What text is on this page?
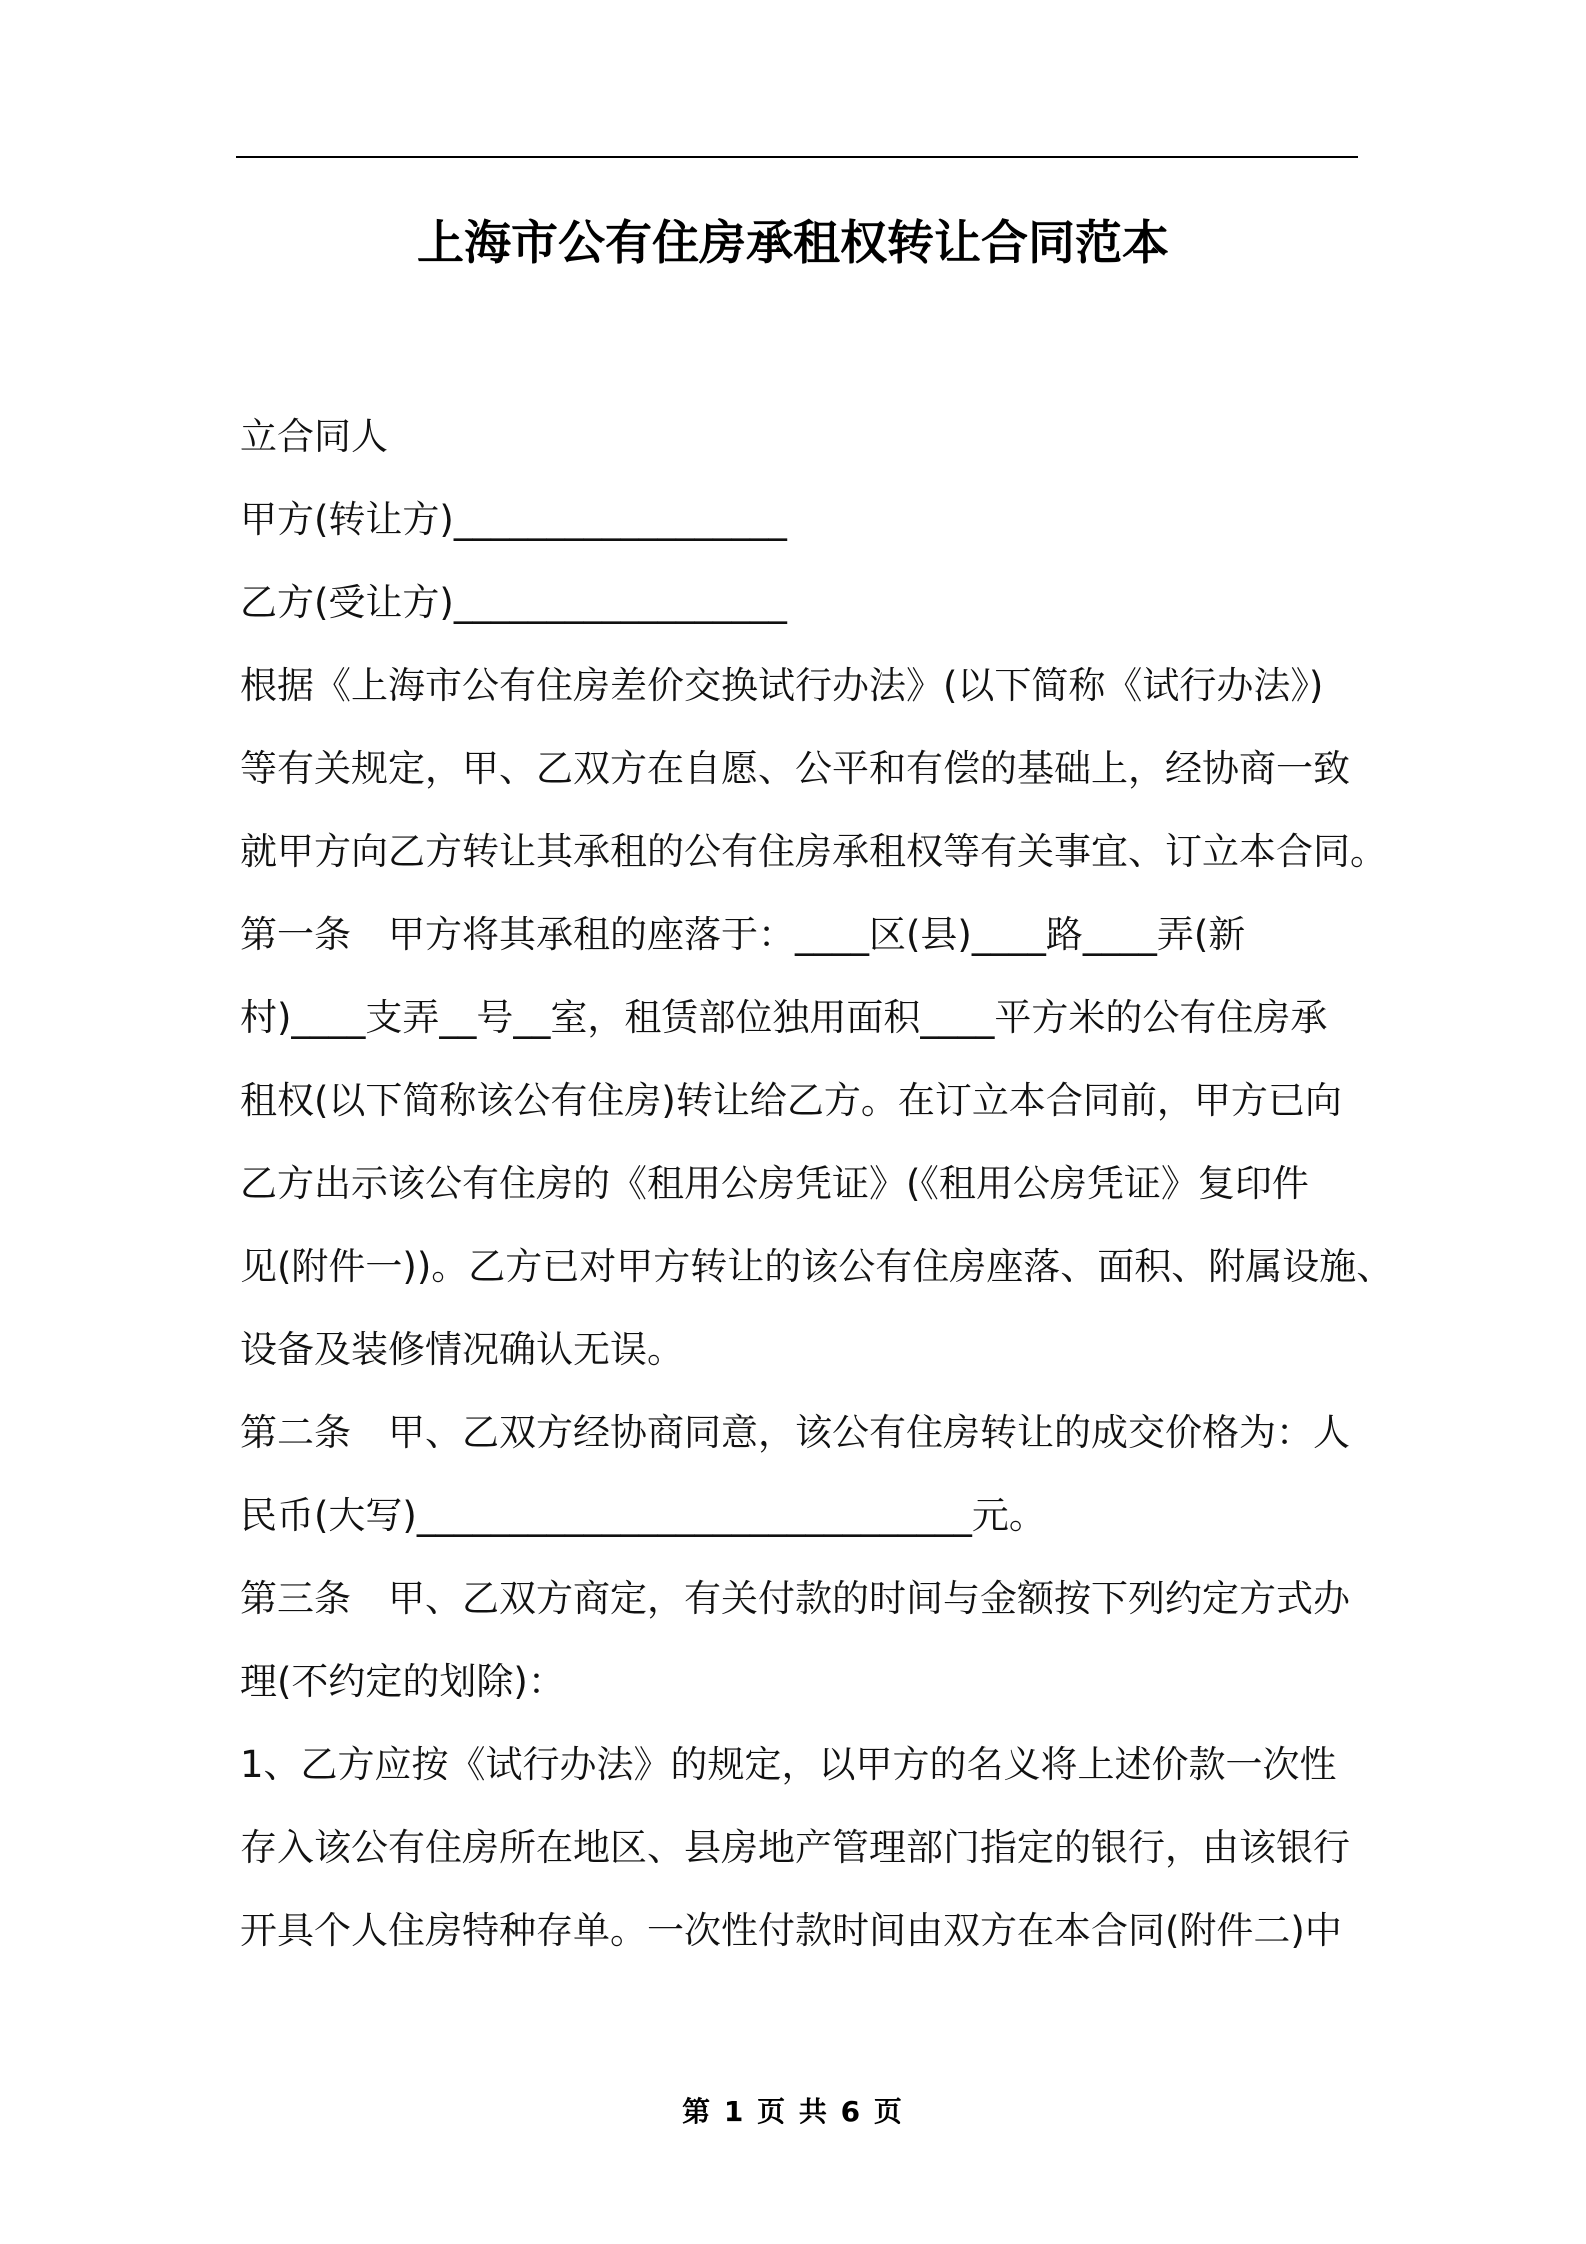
上海市公有住房承租权转让合同范本
立合同人
甲方(转让方)__________________
乙方(受让方)__________________
根据《上海市公有住房差价交换试行办法》(以下简称《试行办法》)
等有关规定，甲、乙双方在自愿、公平和有偿的基础上，经协商一致
就甲方向乙方转让其承租的公有住房承租权等有关事宜、订立本合同。
第一条　甲方将其承租的座落于：____区(县)____路____弄(新
村)____支弄__号__室，租赁部位独用面积____平方米的公有住房承
租权(以下简称该公有住房)转让给乙方。在订立本合同前，甲方已向
乙方出示该公有住房的《租用公房凭证》(《租用公房凭证》复印件
见(附件一))。乙方已对甲方转让的该公有住房座落、面积、附属设施、
设备及装修情况确认无误。
第二条　甲、乙双方经协商同意，该公有住房转让的成交价格为：人
民币(大写)______________________________元。
第三条　甲、乙双方商定，有关付款的时间与金额按下列约定方式办
理(不约定的划除)：
1、乙方应按《试行办法》的规定，以甲方的名义将上述价款一次性
存入该公有住房所在地区、县房地产管理部门指定的银行，由该银行
开具个人住房特种存单。一次性付款时间由双方在本合同(附件二)中
第 1 页 共 6 页
